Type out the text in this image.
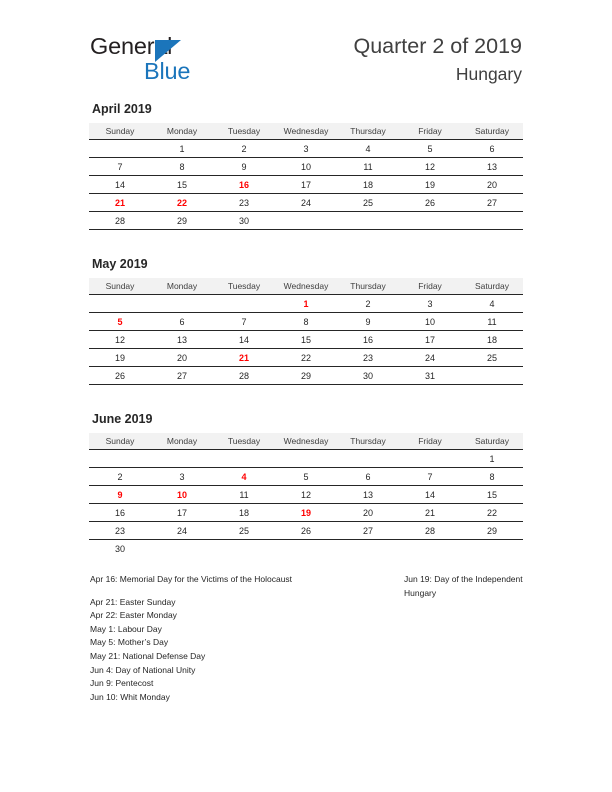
General
Blue
Quarter 2 of 2019
Hungary
April 2019
Sunday	Monday	Tuesday	Wednesday	Thursday	Friday	Saturday
	1	2	3	4	5	6
7	8	9	10	11	12	13
14	15	16	17	18	19	20
21	22	23	24	25	26	27
28	29	30				
May 2019
Sunday	Monday	Tuesday	Wednesday	Thursday	Friday	Saturday
			1	2	3	4
5	6	7	8	9	10	11
12	13	14	15	16	17	18
19	20	21	22	23	24	25
26	27	28	29	30	31	
June 2019
Sunday	Monday	Tuesday	Wednesday	Thursday	Friday	Saturday
						1
2	3	4	5	6	7	8
9	10	11	12	13	14	15
16	17	18	19	20	21	22
23	24	25	26	27	28	29
30						
Apr 16: Memorial Day for the Victims of the Holocaust
Apr 21: Easter Sunday
Apr 22: Easter Monday
May 1: Labour Day
May 5: Mother’s Day
May 21: National Defense Day
Jun 4: Day of National Unity
Jun 9: Pentecost
Jun 10: Whit Monday
Jun 19: Day of the Independent Hungary
